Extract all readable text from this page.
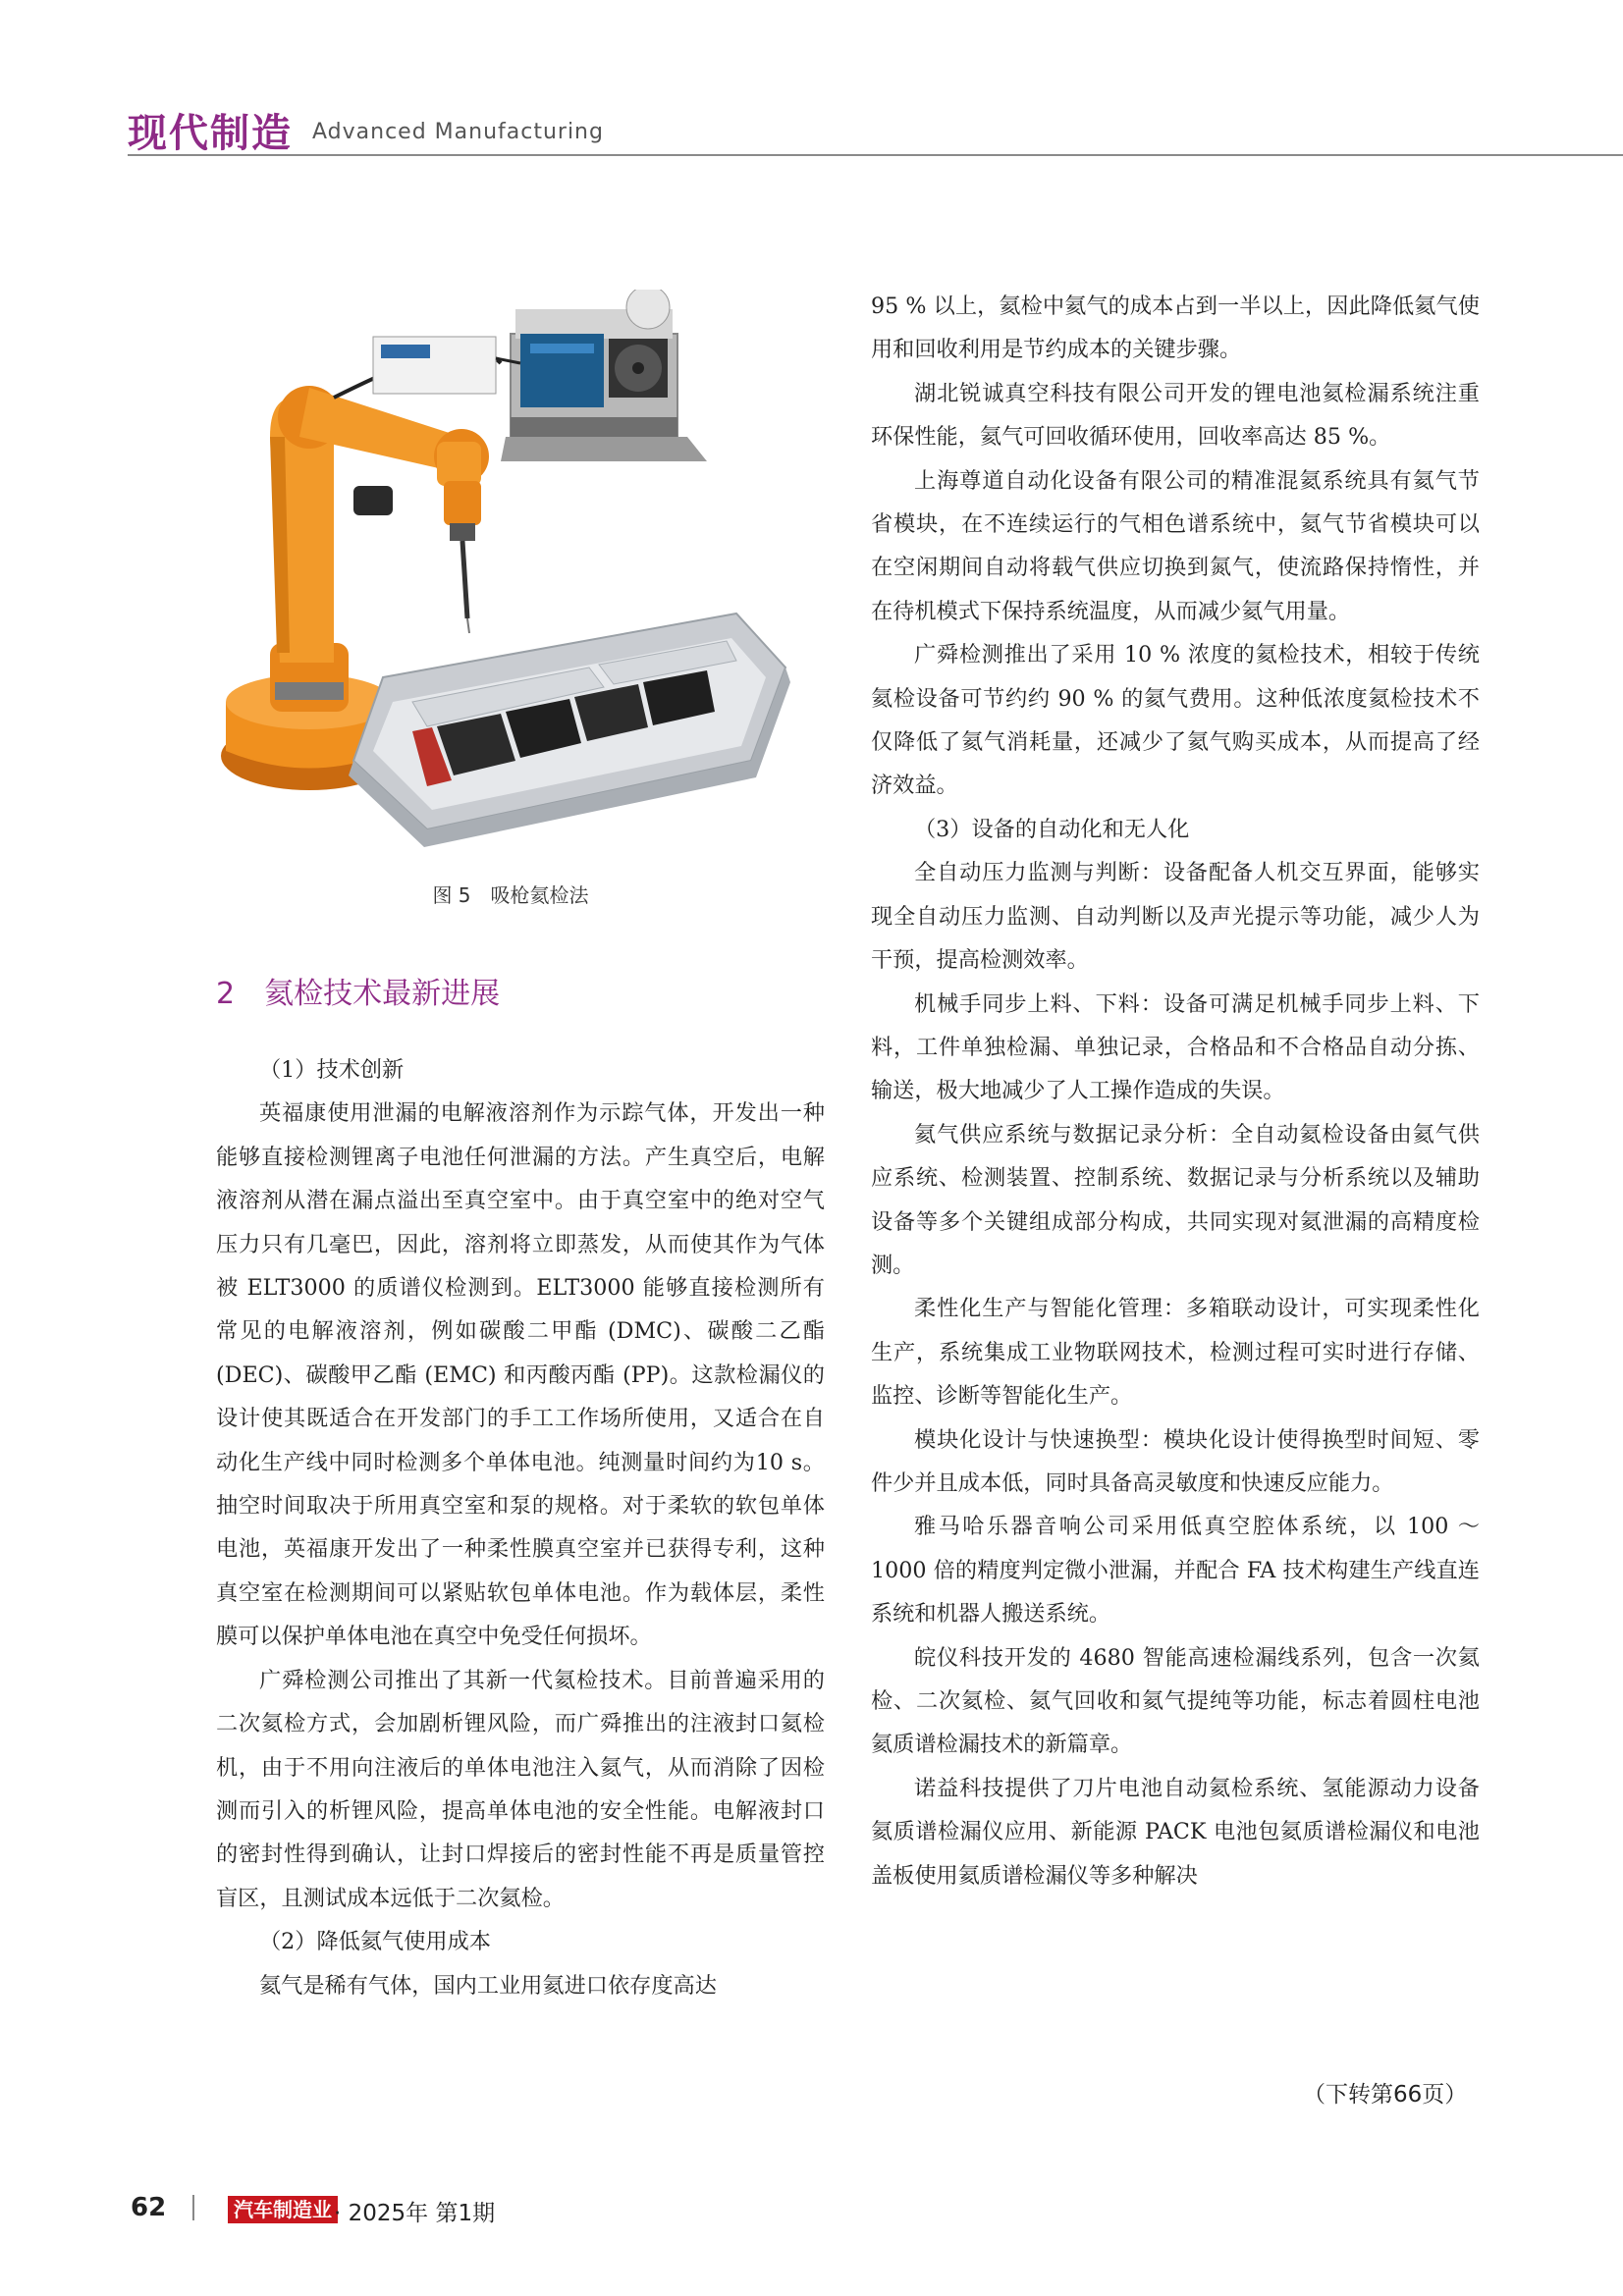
现代制造 Advanced Manufacturing
图 5　吸枪氦检法
2　氦检技术最新进展

（1）技术创新

英福康使用泄漏的电解液溶剂作为示踪气体，开发出一种能够直接检测锂离子电池任何泄漏的方法。产生真空后，电解液溶剂从潜在漏点溢出至真空室中。由于真空室中的绝对空气压力只有几毫巴，因此，溶剂将立即蒸发，从而使其作为气体被 ELT3000 的质谱仪检测到。ELT3000 能够直接检测所有常见的电解液溶剂，例如碳酸二甲酯 (DMC)、碳酸二乙酯 (DEC)、碳酸甲乙酯 (EMC) 和丙酸丙酯 (PP)。这款检漏仪的设计使其既适合在开发部门的手工工作场所使用，又适合在自动化生产线中同时检测多个单体电池。纯测量时间约为10 s。抽空时间取决于所用真空室和泵的规格。对于柔软的软包单体电池，英福康开发出了一种柔性膜真空室并已获得专利，这种真空室在检测期间可以紧贴软包单体电池。作为载体层，柔性膜可以保护单体电池在真空中免受任何损坏。

广舜检测公司推出了其新一代氦检技术。目前普遍采用的二次氦检方式，会加剧析锂风险，而广舜推出的注液封口氦检机，由于不用向注液后的单体电池注入氦气，从而消除了因检测而引入的析锂风险，提高单体电池的安全性能。电解液封口的密封性得到确认，让封口焊接后的密封性能不再是质量管控盲区，且测试成本远低于二次氦检。

（2）降低氦气使用成本

氦气是稀有气体，国内工业用氦进口依存度高达

95 % 以上，氦检中氦气的成本占到一半以上，因此降低氦气使用和回收利用是节约成本的关键步骤。

湖北锐诚真空科技有限公司开发的锂电池氦检漏系统注重环保性能，氦气可回收循环使用，回收率高达 85 %。

上海尊道自动化设备有限公司的精准混氦系统具有氦气节省模块，在不连续运行的气相色谱系统中，氦气节省模块可以在空闲期间自动将载气供应切换到氮气，使流路保持惰性，并在待机模式下保持系统温度，从而减少氦气用量。

广舜检测推出了采用 10 % 浓度的氦检技术，相较于传统氦检设备可节约约 90 % 的氦气费用。这种低浓度氦检技术不仅降低了氦气消耗量，还减少了氦气购买成本，从而提高了经济效益。

（3）设备的自动化和无人化

全自动压力监测与判断：设备配备人机交互界面，能够实现全自动压力监测、自动判断以及声光提示等功能，减少人为干预，提高检测效率。

机械手同步上料、下料：设备可满足机械手同步上料、下料，工件单独检漏、单独记录，合格品和不合格品自动分拣、输送，极大地减少了人工操作造成的失误。

氦气供应系统与数据记录分析：全自动氦检设备由氦气供应系统、检测装置、控制系统、数据记录与分析系统以及辅助设备等多个关键组成部分构成，共同实现对氦泄漏的高精度检测。

柔性化生产与智能化管理：多箱联动设计，可实现柔性化生产，系统集成工业物联网技术，检测过程可实时进行存储、监控、诊断等智能化生产。

模块化设计与快速换型：模块化设计使得换型时间短、零件少并且成本低，同时具备高灵敏度和快速反应能力。

雅马哈乐器音响公司采用低真空腔体系统，以 100 ～ 1000 倍的精度判定微小泄漏，并配合 FA 技术构建生产线直连系统和机器人搬送系统。

皖仪科技开发的 4680 智能高速检漏线系列，包含一次氦检、二次氦检、氦气回收和氦气提纯等功能，标志着圆柱电池氦质谱检漏技术的新篇章。

诺益科技提供了刀片电池自动氦检系统、氢能源动力设备氦质谱检漏仪应用、新能源 PACK 电池包氦质谱检漏仪和电池盖板使用氦质谱检漏仪等多种解决

（下转第66页）
62	汽车制造业 · 2025年 第1期
